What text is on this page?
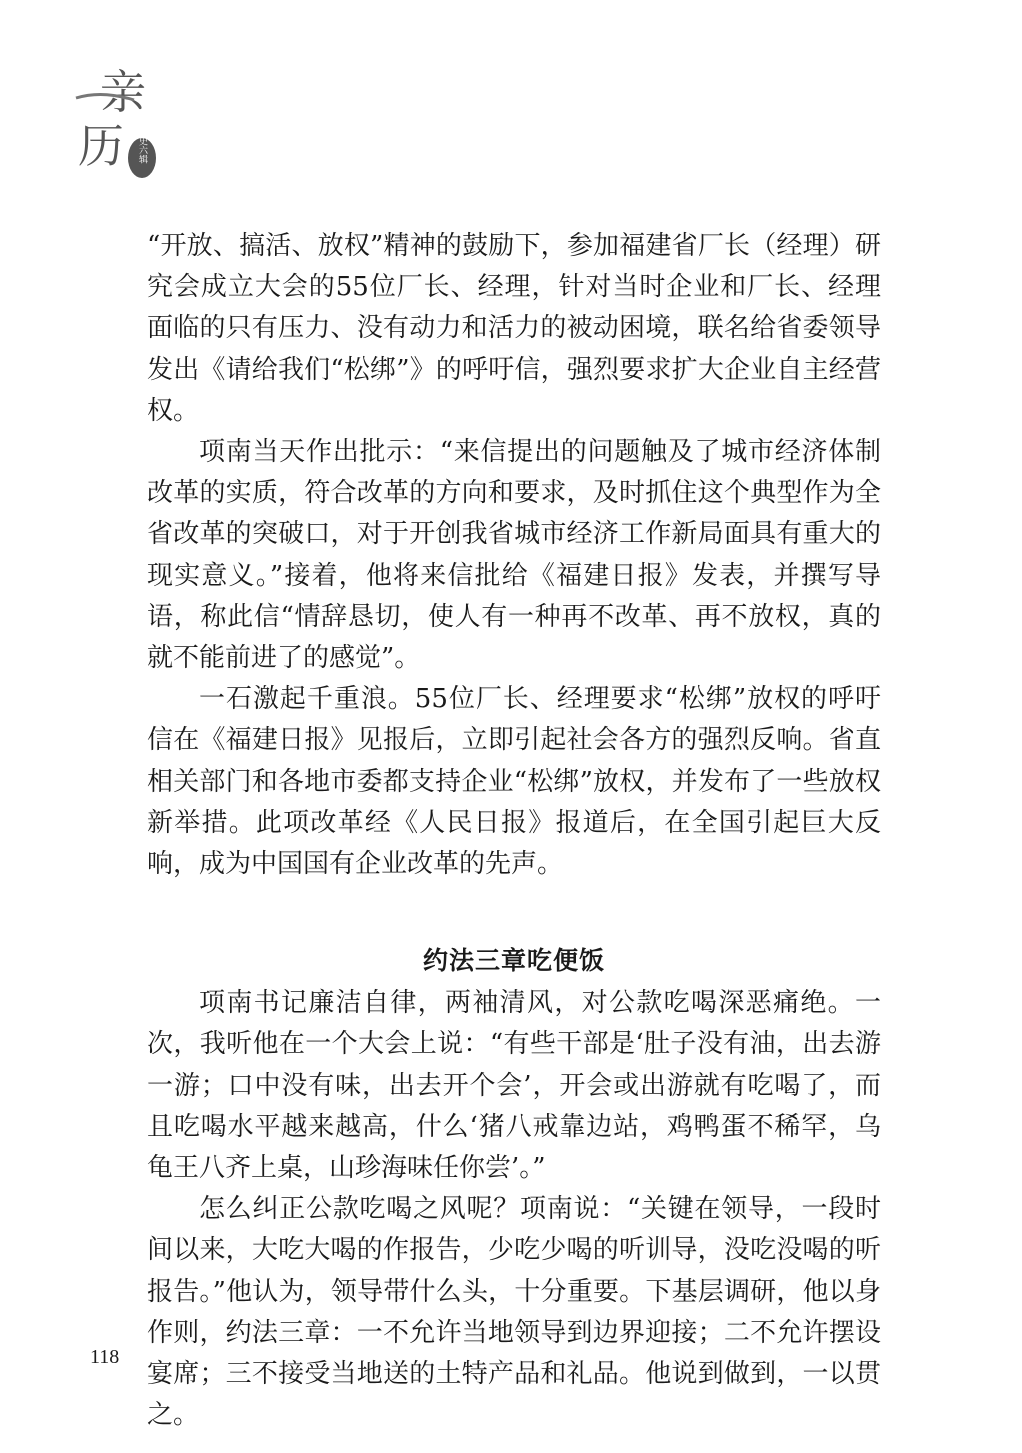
亲
历 史六辑

“开放、搞活、放权”精神的鼓励下，参加福建省厂长（经理）研究会成立大会的55位厂长、经理，针对当时企业和厂长、经理面临的只有压力、没有动力和活力的被动困境，联名给省委领导发出《请给我们“松绑”》的呼吁信，强烈要求扩大企业自主经营权。

项南当天作出批示：“来信提出的问题触及了城市经济体制改革的实质，符合改革的方向和要求，及时抓住这个典型作为全省改革的突破口，对于开创我省城市经济工作新局面具有重大的现实意义。”接着，他将来信批给《福建日报》发表，并撰写导语，称此信“情辞恳切，使人有一种再不改革、再不放权，真的就不能前进了的感觉”。

一石激起千重浪。55位厂长、经理要求“松绑”放权的呼吁信在《福建日报》见报后，立即引起社会各方的强烈反响。省直相关部门和各地市委都支持企业“松绑”放权，并发布了一些放权新举措。此项改革经《人民日报》报道后，在全国引起巨大反响，成为中国国有企业改革的先声。

约法三章吃便饭

项南书记廉洁自律，两袖清风，对公款吃喝深恶痛绝。一次，我听他在一个大会上说：“有些干部是‘肚子没有油，出去游一游；口中没有味，出去开个会’，开会或出游就有吃喝了，而且吃喝水平越来越高，什么‘猪八戒靠边站，鸡鸭蛋不稀罕，乌龟王八齐上桌，山珍海味任你尝’。”

怎么纠正公款吃喝之风呢？项南说：“关键在领导，一段时间以来，大吃大喝的作报告，少吃少喝的听训导，没吃没喝的听报告。”他认为，领导带什么头，十分重要。下基层调研，他以身作则，约法三章：一不允许当地领导到边界迎接；二不允许摆设宴席；三不接受当地送的土特产品和礼品。他说到做到，一以贯之。

118
